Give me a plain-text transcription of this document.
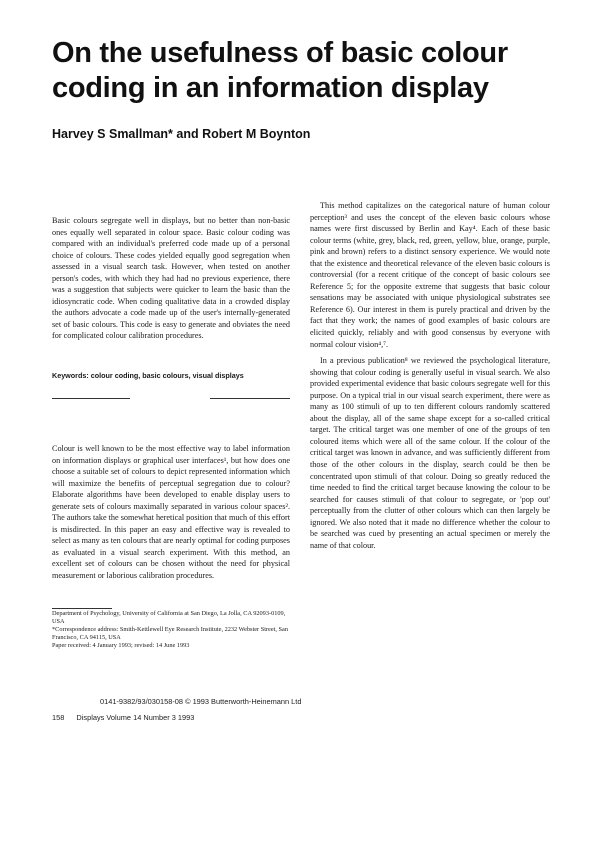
On the usefulness of basic colour coding in an information display
Harvey S Smallman* and Robert M Boynton

Basic colours segregate well in displays, but no better than non-basic ones equally well separated in colour space. Basic colour coding was compared with an individual's preferred code made up of a personal choice of colours. These codes yielded equally good segregation when assessed in a visual search task. However, when tested on another person's codes, with which they had had no previous experience, there was a suggestion that subjects were quicker to learn the basic than the idiosyncratic code. When coding qualitative data in a crowded display the authors advocate a code made up of the user's internally-generated set of basic colours. This code is easy to generate and obviates the need for complicated colour calibration procedures.

Keywords: colour coding, basic colours, visual displays

Colour is well known to be the most effective way to label information on information displays or graphical user interfaces¹, but how does one choose a suitable set of colours to depict represented information which will maximize the benefits of perceptual segregation due to colour? Elaborate algorithms have been developed to enable display users to generate sets of colours maximally separated in various colour spaces². The authors take the somewhat heretical position that much of this effort is misdirected. In this paper an easy and effective way is revealed to select as many as ten colours that are nearly optimal for coding purposes as evaluated in a visual search experiment. With this method, an excellent set of colours can be chosen without the need for physical measurement or laborious calibration procedures.

This method capitalizes on the categorical nature of human colour perception³ and uses the concept of the eleven basic colours whose names were first discussed by Berlin and Kay⁴. Each of these basic colour terms (white, grey, black, red, green, yellow, blue, orange, purple, pink and brown) refers to a distinct sensory experience. We would note that the existence and theoretical relevance of the eleven basic colours is controversial (for a recent critique of the concept of basic colours see Reference 5; for the opposite extreme that suggests that basic colour sensations may be associated with unique physiological substrates see Reference 6). Our interest in them is purely practical and driven by the fact that they work; the names of good examples of basic colours are elicited quickly, reliably and with good consensus by everyone with normal colour vision⁴,⁷.

In a previous publication⁸ we reviewed the psychological literature, showing that colour coding is generally useful in visual search. We also provided experimental evidence that basic colours segregate well for this purpose. On a typical trial in our visual search experiment, there were as many as 100 stimuli of up to ten different colours randomly scattered about the display, all of the same shape except for a so-called critical target. The critical target was one member of one of the groups of ten coloured items which were all of the same colour. If the colour of the critical target was known in advance, and was sufficiently different from those of the other colours in the display, search could be then be concentrated upon stimuli of that colour. Doing so greatly reduced the time needed to find the critical target because knowing the colour to be searched for causes stimuli of that colour to segregate, or 'pop out' perceptually from the clutter of other colours which can then largely be ignored. We also noted that it made no difference whether the colour to be searched was cued by presenting an actual specimen or merely the name of that colour.

Department of Psychology, University of California at San Diego, La Jolla, CA 92093-0109, USA
*Correspondence address: Smith-Kettlewell Eye Research Institute, 2232 Webster Street, San Francisco, CA 94115, USA
Paper received: 4 January 1993; revised: 14 June 1993
0141-9382/93/030158-08 © 1993 Butterworth-Heinemann Ltd
158 Displays Volume 14 Number 3 1993
